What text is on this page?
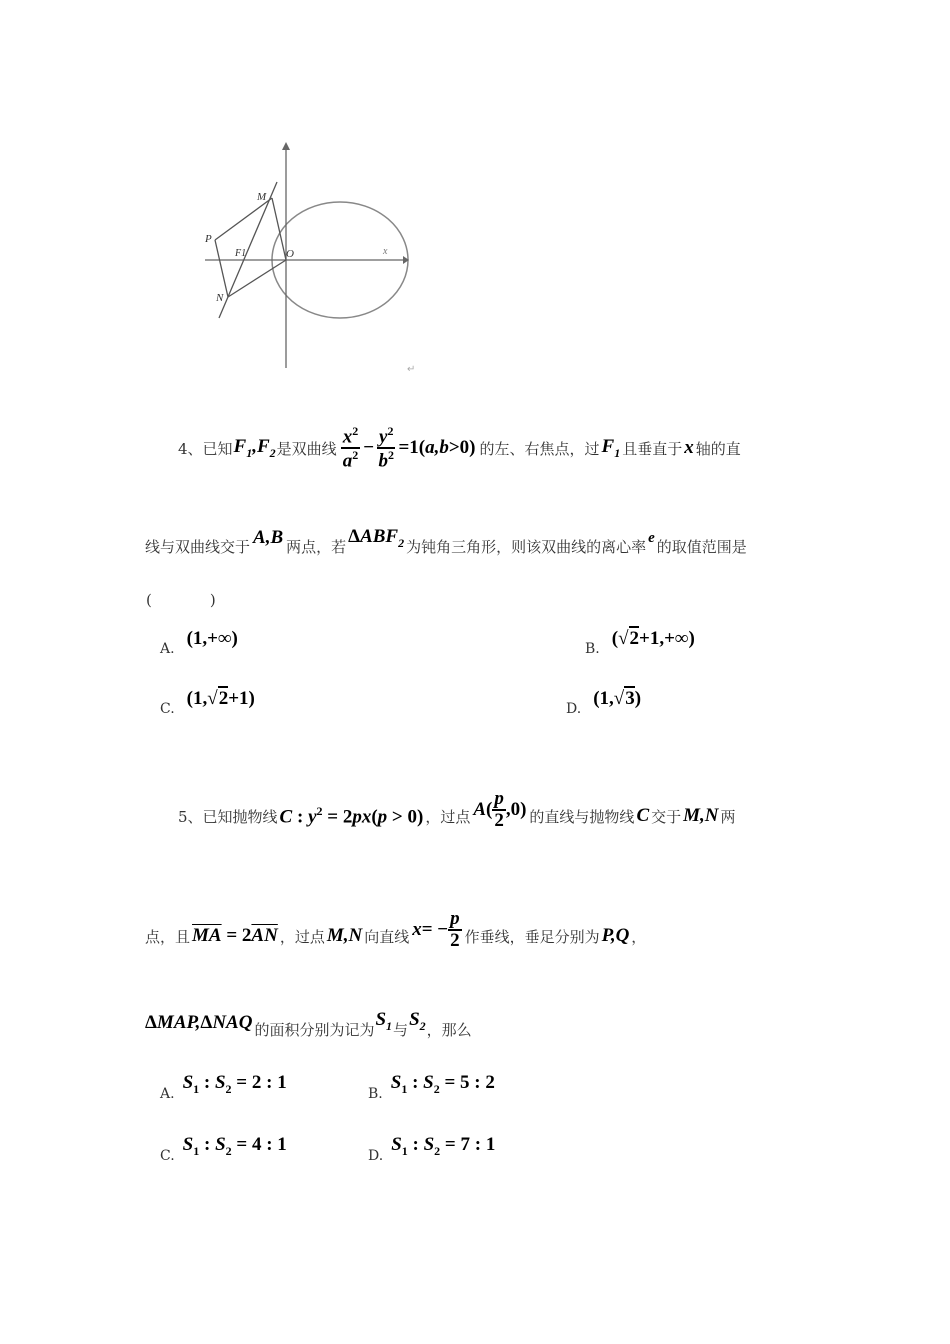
M
P
F1	O	x
N
↵
4、已知 $F_1,F_2$ 是双曲线 $\frac{x^2}{a^2} - \frac{y^2}{b^2} =1$( a,b >0) 的左、右焦点，过 $F_1$ 且垂直于 x 轴的直
线与双曲线交于 A,B 两点，若 $\Delta ABF_2$ 为钝角三角形，则该双曲线的离心率 e 的取值范围是
(	)
A. (1,+∞)	B. (√2+1,+∞)
C. (1,√2+1)	D. (1,√3)
5、已知抛物线 C : $y^2 = 2px(p > 0)$ ，过点 A ( $\frac{p}{2} ,0$) 的直线与抛物线 C 交于 M,N 两
点，且 $\overline{MA} = 2\overline{AN}$ ，过点 M,N 向直线 x = − $\frac{p}{2}$ 作垂线，垂足分别为 P,Q ，
ΔMAP,ΔNAQ 的面积分别为记为 $S_1$ 与 $S_2$ ，那么
A.
$S_1$ : $S_2 = 2$ : 1
B.
$S_1$ : $S_2 = 5$ : 2
C.
$S_1$ : $S_2 = 4$ : 1
D.
$S_1$ : $S_2 = 7$ : 1
